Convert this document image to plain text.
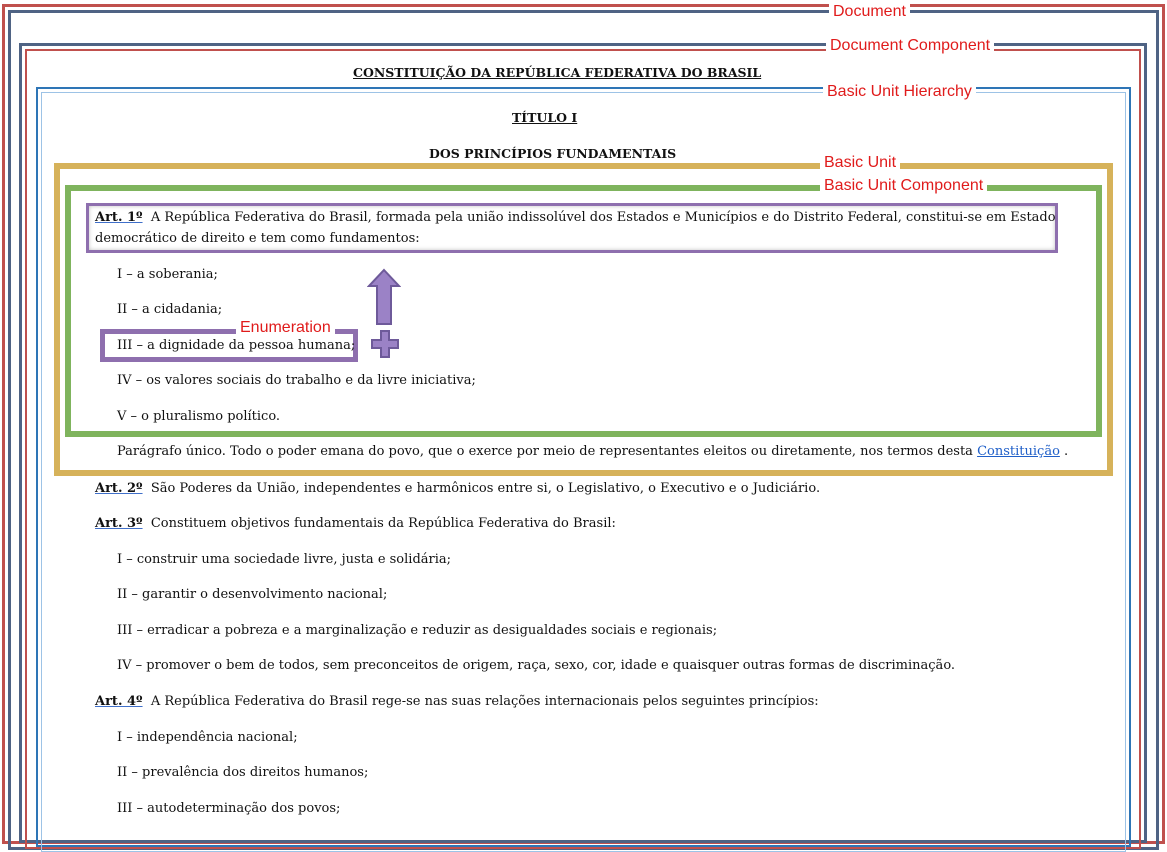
Document
Document Component
Basic Unit Hierarchy
Basic Unit
Basic Unit Component
Enumeration
CONSTITUIÇÃO DA REPÚBLICA FEDERATIVA DO BRASIL
TÍTULO I
DOS PRINCÍPIOS FUNDAMENTAIS
Art. 1º A República Federativa do Brasil, formada pela união indissolúvel dos Estados e Municípios e do Distrito Federal, constitui-se em Estado
democrático de direito e tem como fundamentos:
I – a soberania;
II – a cidadania;
III – a dignidade da pessoa humana;
IV – os valores sociais do trabalho e da livre iniciativa;
V – o pluralismo político.
Parágrafo único. Todo o poder emana do povo, que o exerce por meio de representantes eleitos ou diretamente, nos termos desta Constituição .
Art. 2º São Poderes da União, independentes e harmônicos entre si, o Legislativo, o Executivo e o Judiciário.
Art. 3º Constituem objetivos fundamentais da República Federativa do Brasil:
I – construir uma sociedade livre, justa e solidária;
II – garantir o desenvolvimento nacional;
III – erradicar a pobreza e a marginalização e reduzir as desigualdades sociais e regionais;
IV – promover o bem de todos, sem preconceitos de origem, raça, sexo, cor, idade e quaisquer outras formas de discriminação.
Art. 4º A República Federativa do Brasil rege-se nas suas relações internacionais pelos seguintes princípios:
I – independência nacional;
II – prevalência dos direitos humanos;
III – autodeterminação dos povos;
